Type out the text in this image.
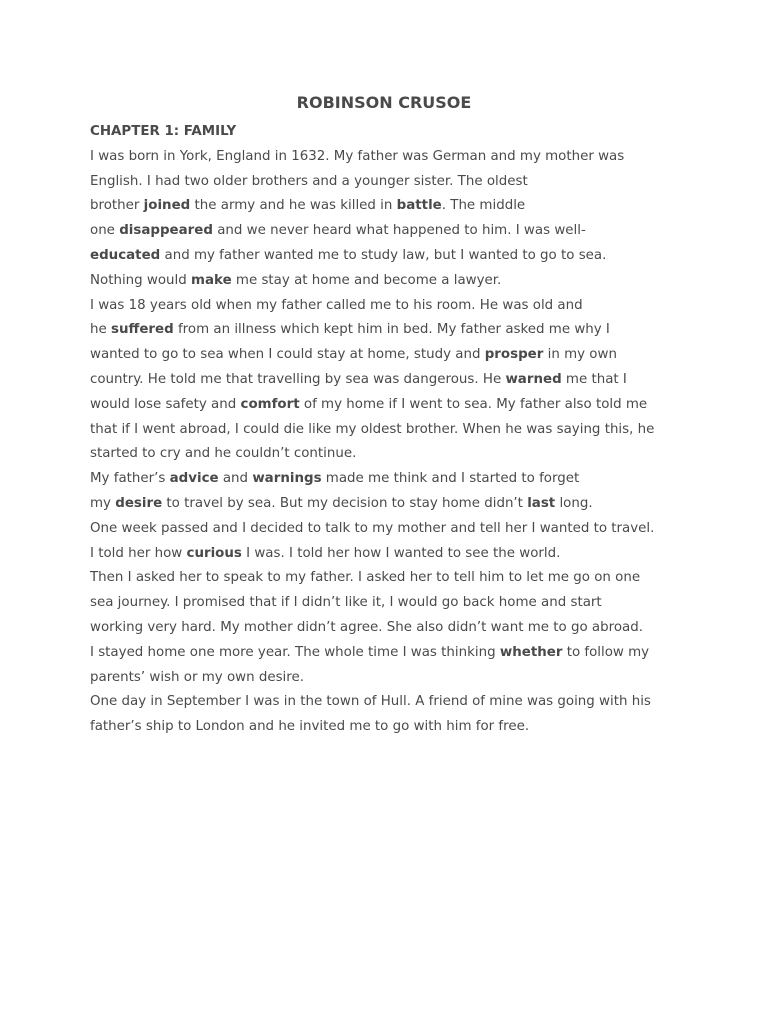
ROBINSON CRUSOE
CHAPTER 1: FAMILY

I was born in York, England in 1632. My father was German and my mother was
English. I had two older brothers and a younger sister. The oldest
brother joined the army and he was killed in battle. The middle
one disappeared and we never heard what happened to him. I was well-
educated and my father wanted me to study law, but I wanted to go to sea.
Nothing would make me stay at home and become a lawyer.

I was 18 years old when my father called me to his room. He was old and
he suffered from an illness which kept him in bed. My father asked me why I
wanted to go to sea when I could stay at home, study and prosper in my own
country. He told me that travelling by sea was dangerous. He warned me that I
would lose safety and comfort of my home if I went to sea. My father also told me
that if I went abroad, I could die like my oldest brother. When he was saying this, he
started to cry and he couldn’t continue.

My father’s advice and warnings made me think and I started to forget
my desire to travel by sea. But my decision to stay home didn’t last long.

One week passed and I decided to talk to my mother and tell her I wanted to travel.
I told her how curious I was. I told her how I wanted to see the world.

Then I asked her to speak to my father. I asked her to tell him to let me go on one
sea journey. I promised that if I didn’t like it, I would go back home and start
working very hard. My mother didn’t agree. She also didn’t want me to go abroad.

I stayed home one more year. The whole time I was thinking whether to follow my
parents’ wish or my own desire.

One day in September I was in the town of Hull. A friend of mine was going with his
father’s ship to London and he invited me to go with him for free.
